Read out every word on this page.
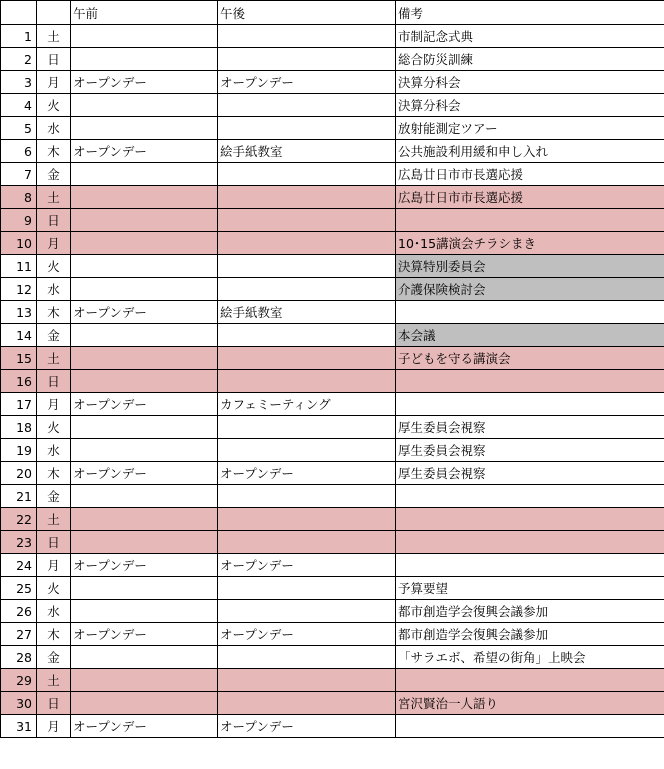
		午前	午後	備考
1	土			市制記念式典
2	日			総合防災訓練
3	月	オープンデー	オープンデー	決算分科会
4	火			決算分科会
5	水			放射能測定ツアー
6	木	オープンデー	絵手紙教室	公共施設利用緩和申し入れ
7	金			広島廿日市市長選応援
8	土			広島廿日市市長選応援
9	日			
10	月			10･15講演会チラシまき
11	火			決算特別委員会
12	水			介護保険検討会
13	木	オープンデー	絵手紙教室	
14	金			本会議
15	土			子どもを守る講演会
16	日			
17	月	オープンデー	カフェミーティング	
18	火			厚生委員会視察
19	水			厚生委員会視察
20	木	オープンデー	オープンデー	厚生委員会視察
21	金			
22	土			
23	日			
24	月	オープンデー	オープンデー	
25	火			予算要望
26	水			都市創造学会復興会議参加
27	木	オープンデー	オープンデー	都市創造学会復興会議参加
28	金			「サラエボ、希望の街角」上映会
29	土			
30	日			宮沢賢治一人語り
31	月	オープンデー	オープンデー	
